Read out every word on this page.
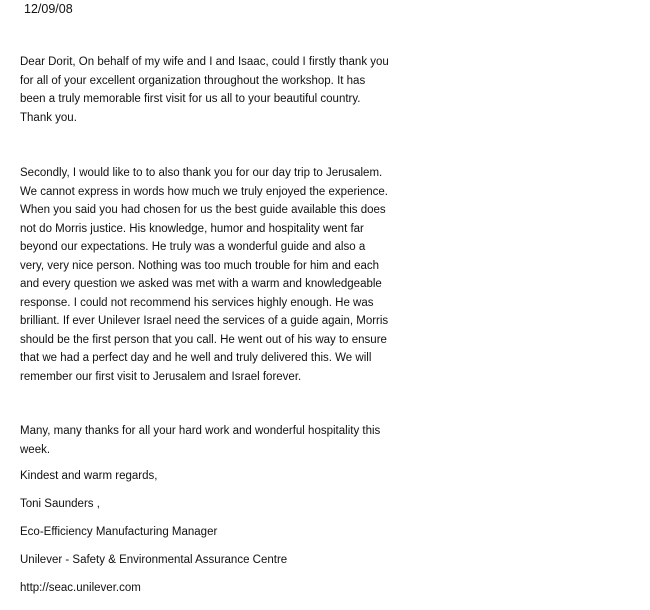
12/09/08
Dear Dorit, On behalf of my wife and I and Isaac, could I firstly thank you
for all of your excellent organization throughout the workshop. It has
been a truly memorable first visit for us all to your beautiful country.
Thank you.
Secondly, I would like to to also thank you for our day trip to Jerusalem.
We cannot express in words how much we truly enjoyed the experience.
When you said you had chosen for us the best guide available this does
not do Morris justice. His knowledge, humor and hospitality went far
beyond our expectations. He truly was a wonderful guide and also a
very, very nice person. Nothing was too much trouble for him and each
and every question we asked was met with a warm and knowledgeable
response. I could not recommend his services highly enough. He was
brilliant. If ever Unilever Israel need the services of a guide again, Morris
should be the first person that you call. He went out of his way to ensure
that we had a perfect day and he well and truly delivered this. We will
remember our first visit to Jerusalem and Israel forever.
Many, many thanks for all your hard work and wonderful hospitality this
week.
Kindest and warm regards,
Toni Saunders ,
Eco-Efficiency Manufacturing Manager
Unilever - Safety & Environmental Assurance Centre
http://seac.unilever.com
